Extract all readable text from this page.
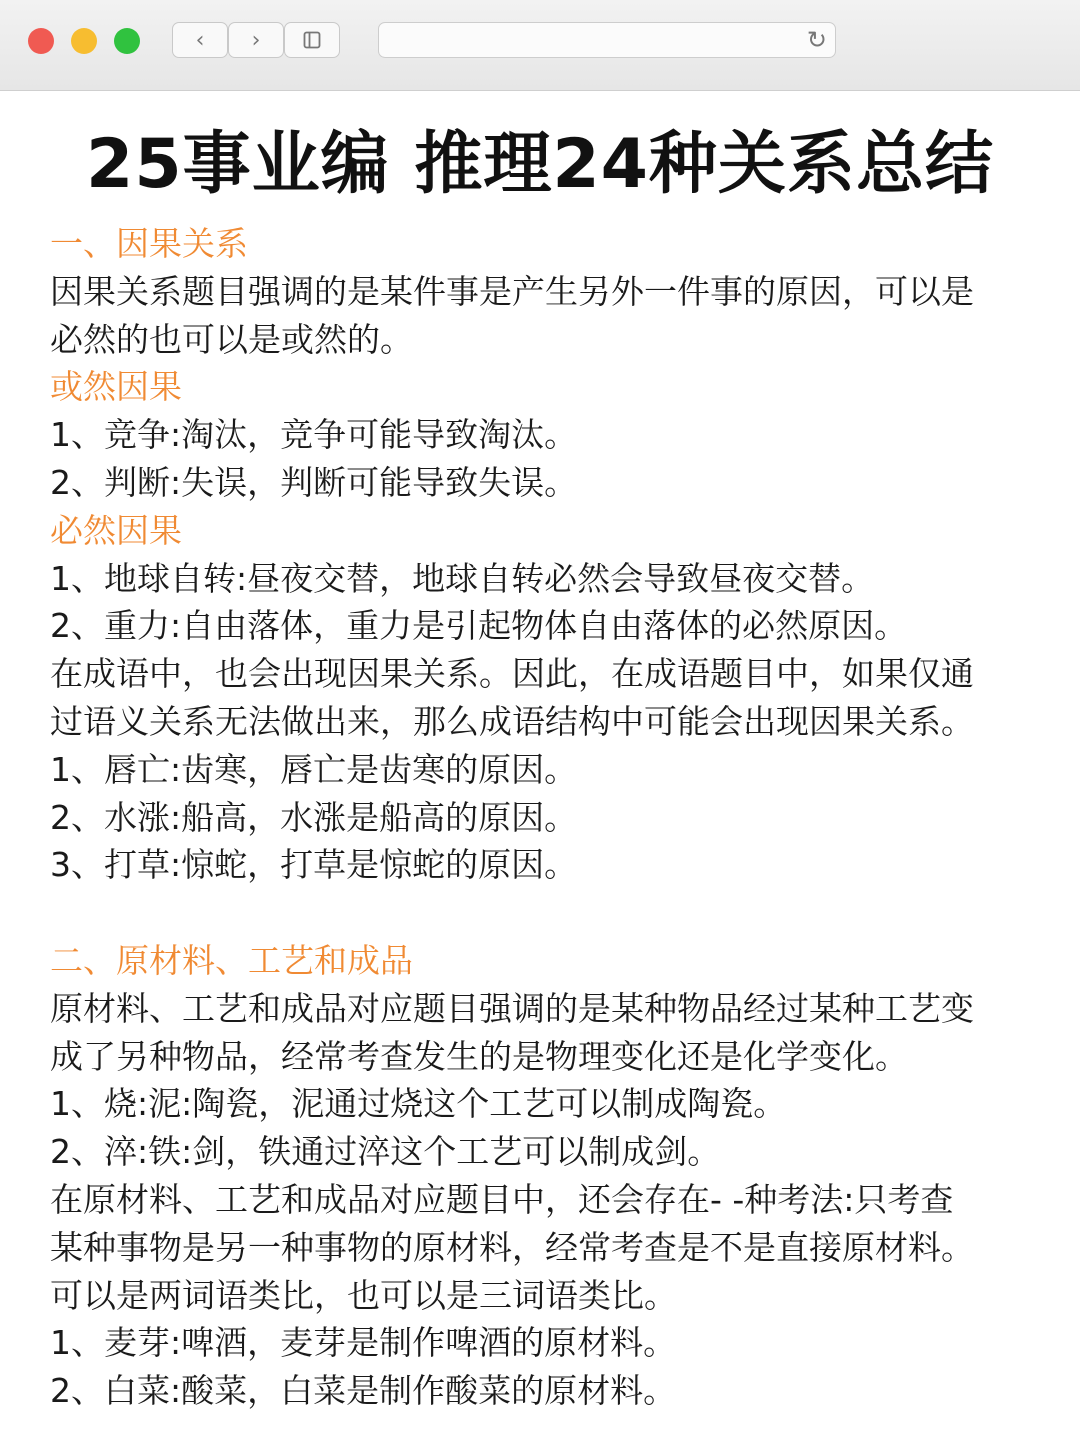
‹ ›	↻
25事业编 推理24种关系总结
一、因果关系
因果关系题目强调的是某件事是产生另外一件事的原因，可以是
必然的也可以是或然的。
或然因果
1、竞争:淘汰，竞争可能导致淘汰。
2、判断:失误，判断可能导致失误。
必然因果
1、地球自转:昼夜交替，地球自转必然会导致昼夜交替。
2、重力:自由落体，重力是引起物体自由落体的必然原因。
在成语中，也会出现因果关系。因此，在成语题目中，如果仅通
过语义关系无法做出来，那么成语结构中可能会出现因果关系。
1、唇亡:齿寒，唇亡是齿寒的原因。
2、水涨:船高，水涨是船高的原因。
3、打草:惊蛇，打草是惊蛇的原因。
二、原材料、工艺和成品
原材料、工艺和成品对应题目强调的是某种物品经过某种工艺变
成了另种物品，经常考查发生的是物理变化还是化学变化。
1、烧:泥:陶瓷，泥通过烧这个工艺可以制成陶瓷。
2、淬:铁:剑，铁通过淬这个工艺可以制成剑。
在原材料、工艺和成品对应题目中，还会存在- -种考法:只考查
某种事物是另一种事物的原材料，经常考查是不是直接原材料。
可以是两词语类比，也可以是三词语类比。
1、麦芽:啤酒，麦芽是制作啤酒的原材料。
2、白菜:酸菜，白菜是制作酸菜的原材料。
